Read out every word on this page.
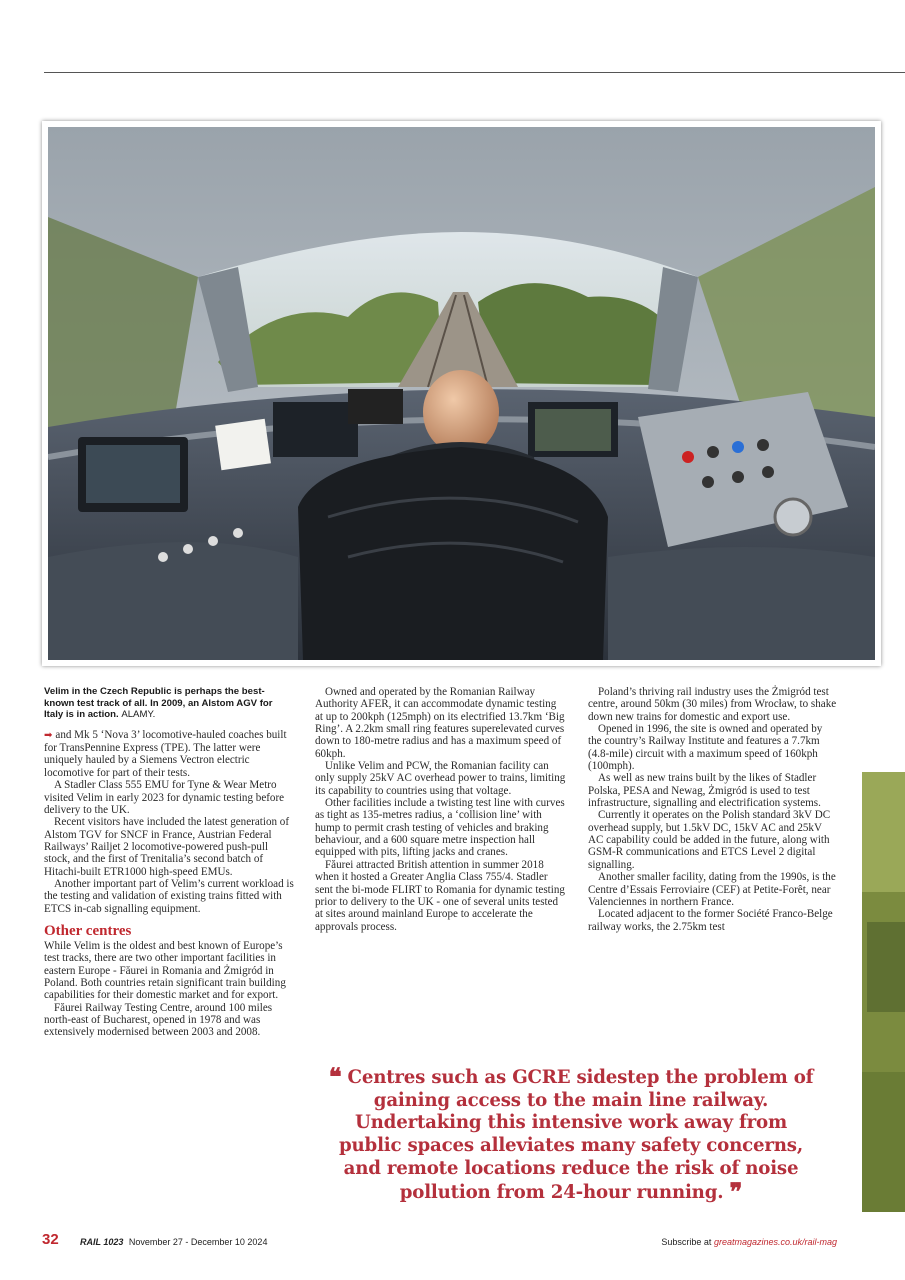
Velim in the Czech Republic is perhaps the best-known test track of all. In 2009, an Alstom AGV for Italy is in action. ALAMY.

➡ and Mk 5 ‘Nova 3’ locomotive-hauled coaches built for TransPennine Express (TPE). The latter were uniquely hauled by a Siemens Vectron electric locomotive for part of their tests.

A Stadler Class 555 EMU for Tyne & Wear Metro visited Velim in early 2023 for dynamic testing before delivery to the UK.

Recent visitors have included the latest generation of Alstom TGV for SNCF in France, Austrian Federal Railways’ Railjet 2 locomotive-powered push-pull stock, and the first of Trenitalia’s second batch of Hitachi-built ETR1000 high-speed EMUs.

Another important part of Velim’s current workload is the testing and validation of existing trains fitted with ETCS in-cab signalling equipment.

Other centres

While Velim is the oldest and best known of Europe’s test tracks, there are two other important facilities in eastern Europe - Făurei in Romania and Żmigród in Poland. Both countries retain significant train building capabilities for their domestic market and for export.

Făurei Railway Testing Centre, around 100 miles north-east of Bucharest, opened in 1978 and was extensively modernised between 2003 and 2008.

Owned and operated by the Romanian Railway Authority AFER, it can accommodate dynamic testing at up to 200kph (125mph) on its electrified 13.7km ‘Big Ring’. A 2.2km small ring features superelevated curves down to 180-metre radius and has a maximum speed of 60kph.

Unlike Velim and PCW, the Romanian facility can only supply 25kV AC overhead power to trains, limiting its capability to countries using that voltage.

Other facilities include a twisting test line with curves as tight as 135-metres radius, a ‘collision line’ with hump to permit crash testing of vehicles and braking behaviour, and a 600 square metre inspection hall equipped with pits, lifting jacks and cranes.

Făurei attracted British attention in summer 2018 when it hosted a Greater Anglia Class 755/4. Stadler sent the bi-mode FLIRT to Romania for dynamic testing prior to delivery to the UK - one of several units tested at sites around mainland Europe to accelerate the approvals process.

Poland’s thriving rail industry uses the Żmigród test centre, around 50km (30 miles) from Wrocław, to shake down new trains for domestic and export use.

Opened in 1996, the site is owned and operated by the country’s Railway Institute and features a 7.7km (4.8-mile) circuit with a maximum speed of 160kph (100mph).

As well as new trains built by the likes of Stadler Polska, PESA and Newag, Żmigród is used to test infrastructure, signalling and electrification systems.

Currently it operates on the Polish standard 3kV DC overhead supply, but 1.5kV DC, 15kV AC and 25kV AC capability could be added in the future, along with GSM-R communications and ETCS Level 2 digital signalling.

Another smaller facility, dating from the 1990s, is the Centre d’Essais Ferroviaire (CEF) at Petite-Forêt, near Valenciennes in northern France.

Located adjacent to the former Société Franco-Belge railway works, the 2.75km test

❝ Centres such as GCRE sidestep the problem of gaining access to the main line railway. Undertaking this intensive work away from public spaces alleviates many safety concerns, and remote locations reduce the risk of noise pollution from 24-hour running. ❞
32 RAIL 1023 November 27 - December 10 2024	Subscribe at greatmagazines.co.uk/rail-mag
